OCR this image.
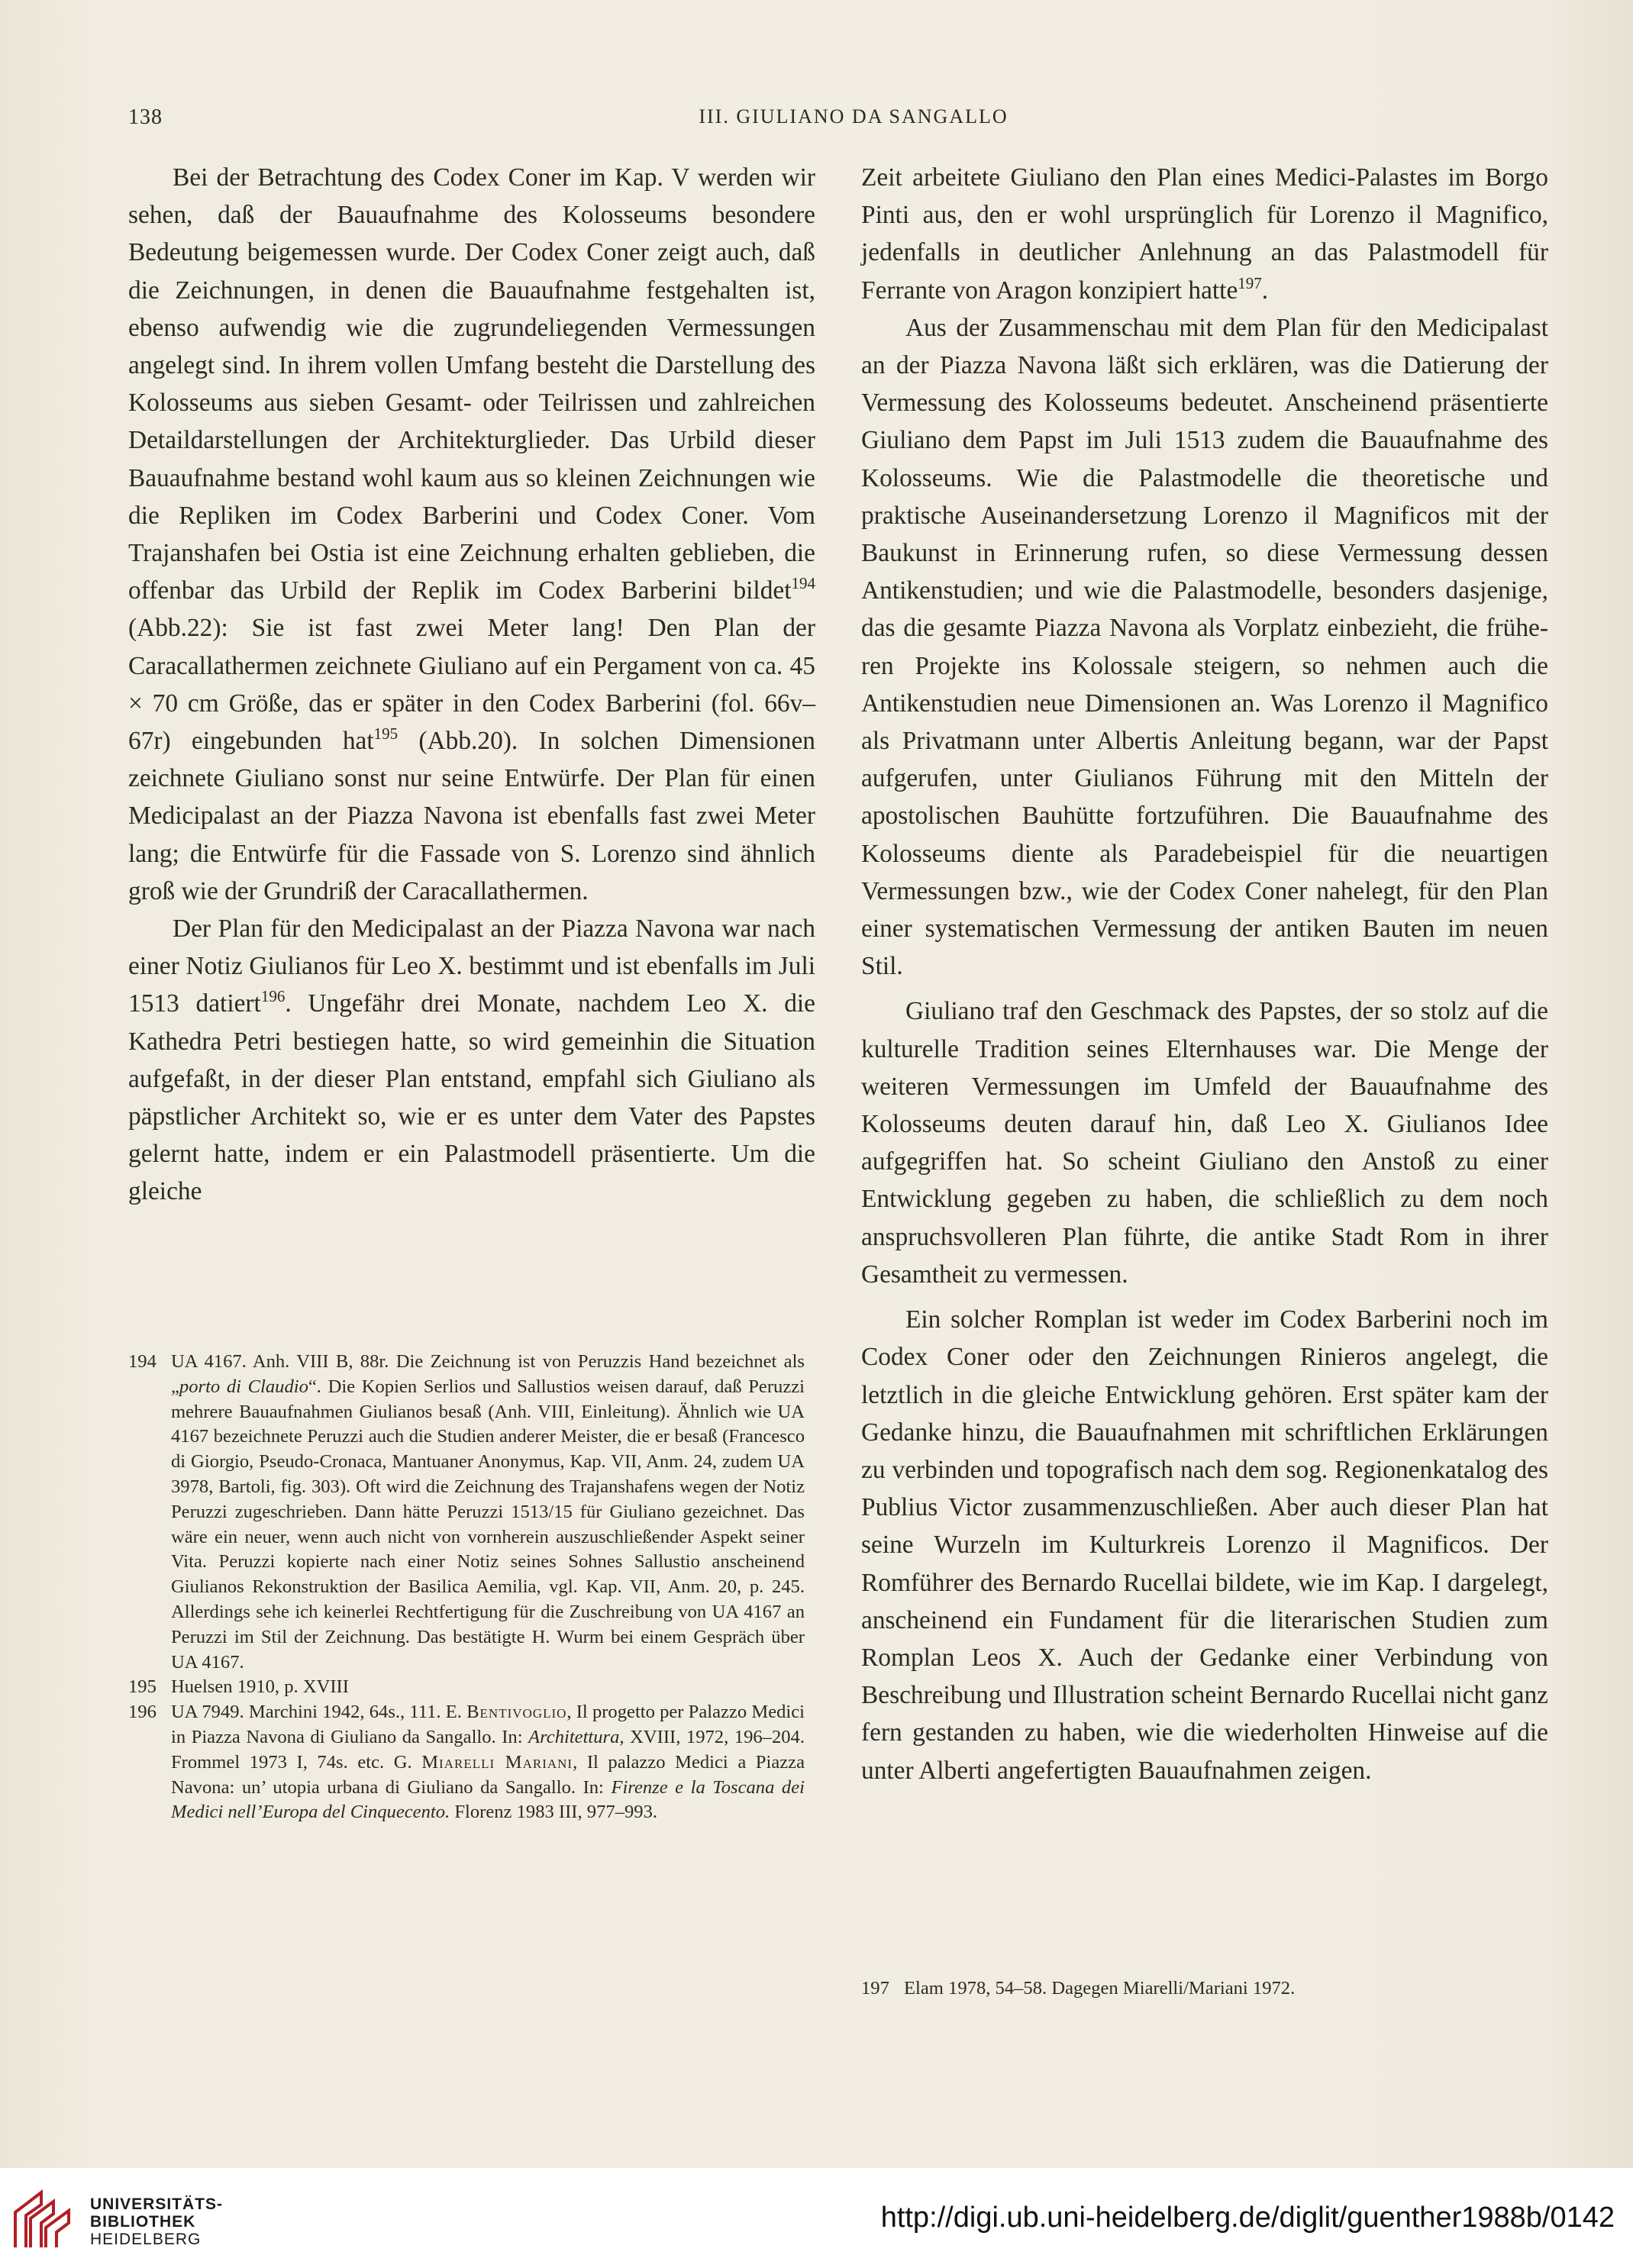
138	III. GIULIANO DA SANGALLO

Bei der Betrachtung des Codex Coner im Kap. V werden wir sehen, daß der Bauaufnahme des Kolosseums besondere Bedeutung beigemessen wurde. Der Codex Coner zeigt auch, daß die Zeichnungen, in denen die Bauaufnahme festgehalten ist, ebenso aufwendig wie die zugrundeliegenden Vermessungen angelegt sind. In ihrem vollen Umfang besteht die Darstellung des Kolosseums aus sieben Gesamt- oder Teilrissen und zahlreichen Detaildarstellungen der Architekturglieder. Das Urbild dieser Bauaufnahme bestand wohl kaum aus so kleinen Zeichnungen wie die Repliken im Codex Barberini und Codex Coner. Vom Trajanshafen bei Ostia ist eine Zeichnung erhalten geblieben, die offenbar das Urbild der Replik im Codex Barberini bildet$^{194}$ (Abb.22): Sie ist fast zwei Meter lang! Den Plan der Caracallathermen zeichnete Giuliano auf ein Pergament von ca. 45 × 70 cm Größe, das er später in den Codex Barberini (fol. 66v–67r) eingebunden hat$^{195}$ (Abb.20). In solchen Dimensionen zeichnete Giuliano sonst nur seine Entwürfe. Der Plan für einen Medicipalast an der Piazza Navona ist ebenfalls fast zwei Meter lang; die Entwürfe für die Fassade von S. Lorenzo sind ähnlich groß wie der Grundriß der Caracallathermen.

Der Plan für den Medicipalast an der Piazza Navona war nach einer Notiz Giulianos für Leo X. bestimmt und ist ebenfalls im Juli 1513 datiert$^{196}$. Ungefähr drei Monate, nachdem Leo X. die Kathedra Petri bestiegen hatte, so wird gemeinhin die Situation aufgefaßt, in der dieser Plan entstand, empfahl sich Giuliano als päpstlicher Architekt so, wie er es unter dem Vater des Papstes gelernt hatte, indem er ein Palastmodell präsentierte. Um die gleiche

Zeit arbeitete Giuliano den Plan eines Medici-Palastes im Borgo Pinti aus, den er wohl ursprünglich für Lorenzo il Magnifico, jedenfalls in deutlicher Anlehnung an das Palastmodell für Ferrante von Aragon konzipiert hatte$^{197}$.

Aus der Zusammenschau mit dem Plan für den Medicipalast an der Piazza Navona läßt sich erklären, was die Datierung der Vermessung des Kolosseums bedeutet. Anscheinend präsentierte Giuliano dem Papst im Juli 1513 zudem die Bauaufnahme des Kolosseums. Wie die Palastmodelle die theoretische und praktische Auseinandersetzung Lorenzo il Magnificos mit der Baukunst in Erinnerung rufen, so diese Vermessung dessen Antikenstudien; und wie die Palastmodelle, besonders dasjenige, das die gesamte Piazza Navona als Vorplatz einbezieht, die früheren Projekte ins Kolossale steigern, so nehmen auch die Antikenstudien neue Dimensionen an. Was Lorenzo il Magnifico als Privatmann unter Albertis Anleitung begann, war der Papst aufgerufen, unter Giulianos Führung mit den Mitteln der apostolischen Bauhütte fortzuführen. Die Bauaufnahme des Kolosseums diente als Paradebeispiel für die neuartigen Vermessungen bzw., wie der Codex Coner nahelegt, für den Plan einer systematischen Vermessung der antiken Bauten im neuen Stil.

Giuliano traf den Geschmack des Papstes, der so stolz auf die kulturelle Tradition seines Elternhauses war. Die Menge der weiteren Vermessungen im Umfeld der Bauaufnahme des Kolosseums deuten darauf hin, daß Leo X. Giulianos Idee aufgegriffen hat. So scheint Giuliano den Anstoß zu einer Entwicklung gegeben zu haben, die schließlich zu dem noch anspruchsvolleren Plan führte, die antike Stadt Rom in ihrer Gesamtheit zu vermessen.

Ein solcher Romplan ist weder im Codex Barberini noch im Codex Coner oder den Zeichnungen Rinieros angelegt, die letztlich in die gleiche Entwicklung gehören. Erst später kam der Gedanke hinzu, die Bauaufnahmen mit schriftlichen Erklärungen zu verbinden und topografisch nach dem sog. Regionenkatalog des Publius Victor zusammenzuschließen. Aber auch dieser Plan hat seine Wurzeln im Kulturkreis Lorenzo il Magnificos. Der Romführer des Bernardo Rucellai bildete, wie im Kap. I dargelegt, anscheinend ein Fundament für die literarischen Studien zum Romplan Leos X. Auch der Gedanke einer Verbindung von Beschreibung und Illustration scheint Bernardo Rucellai nicht ganz fern gestanden zu haben, wie die wiederholten Hinweise auf die unter Alberti angefertigten Bauaufnahmen zeigen.

194 UA 4167. Anh. VIII B, 88r. Die Zeichnung ist von Peruzzis Hand bezeichnet als „porto di Claudio“. Die Kopien Serlios und Sallustios weisen darauf, daß Peruzzi mehrere Bauaufnahmen Giulianos besaß (Anh. VIII, Einleitung). Ähnlich wie UA 4167 bezeichnete Peruzzi auch die Studien anderer Meister, die er besaß (Francesco di Giorgio, Pseudo-Cronaca, Mantuaner Anonymus, Kap. VII, Anm. 24, zudem UA 3978, Bartoli, fig. 303). Oft wird die Zeichnung des Trajanshafens wegen der Notiz Peruzzi zugeschrieben. Dann hätte Peruzzi 1513/15 für Giuliano gezeichnet. Das wäre ein neuer, wenn auch nicht von vornherein auszuschließender Aspekt seiner Vita. Peruzzi kopierte nach einer Notiz seines Sohnes Sallustio anscheinend Giulianos Rekonstruktion der Basilica Aemilia, vgl. Kap. VII, Anm. 20, p. 245. Allerdings sehe ich keinerlei Rechtfertigung für die Zuschreibung von UA 4167 an Peruzzi im Stil der Zeichnung. Das bestätigte H. Wurm bei einem Gespräch über UA 4167.

195 Huelsen 1910, p. XVIII

196 UA 7949. Marchini 1942, 64s., 111. E. Bentivoglio, Il progetto per Palazzo Medici in Piazza Navona di Giuliano da Sangallo. In: Architettura, XVIII, 1972, 196–204. Frommel 1973 I, 74s. etc. G. Miarelli Mariani, Il palazzo Medici a Piazza Navona: un’ utopia urbana di Giuliano da Sangallo. In: Firenze e la Toscana dei Medici nell’Europa del Cinquecento. Florenz 1983 III, 977–993.

197 Elam 1978, 54–58. Dagegen Miarelli/Mariani 1972.

UNIVERSITÄTS-
BIBLIOTHEK
HEIDELBERG
http://digi.ub.uni-heidelberg.de/diglit/guenther1988b/0142
